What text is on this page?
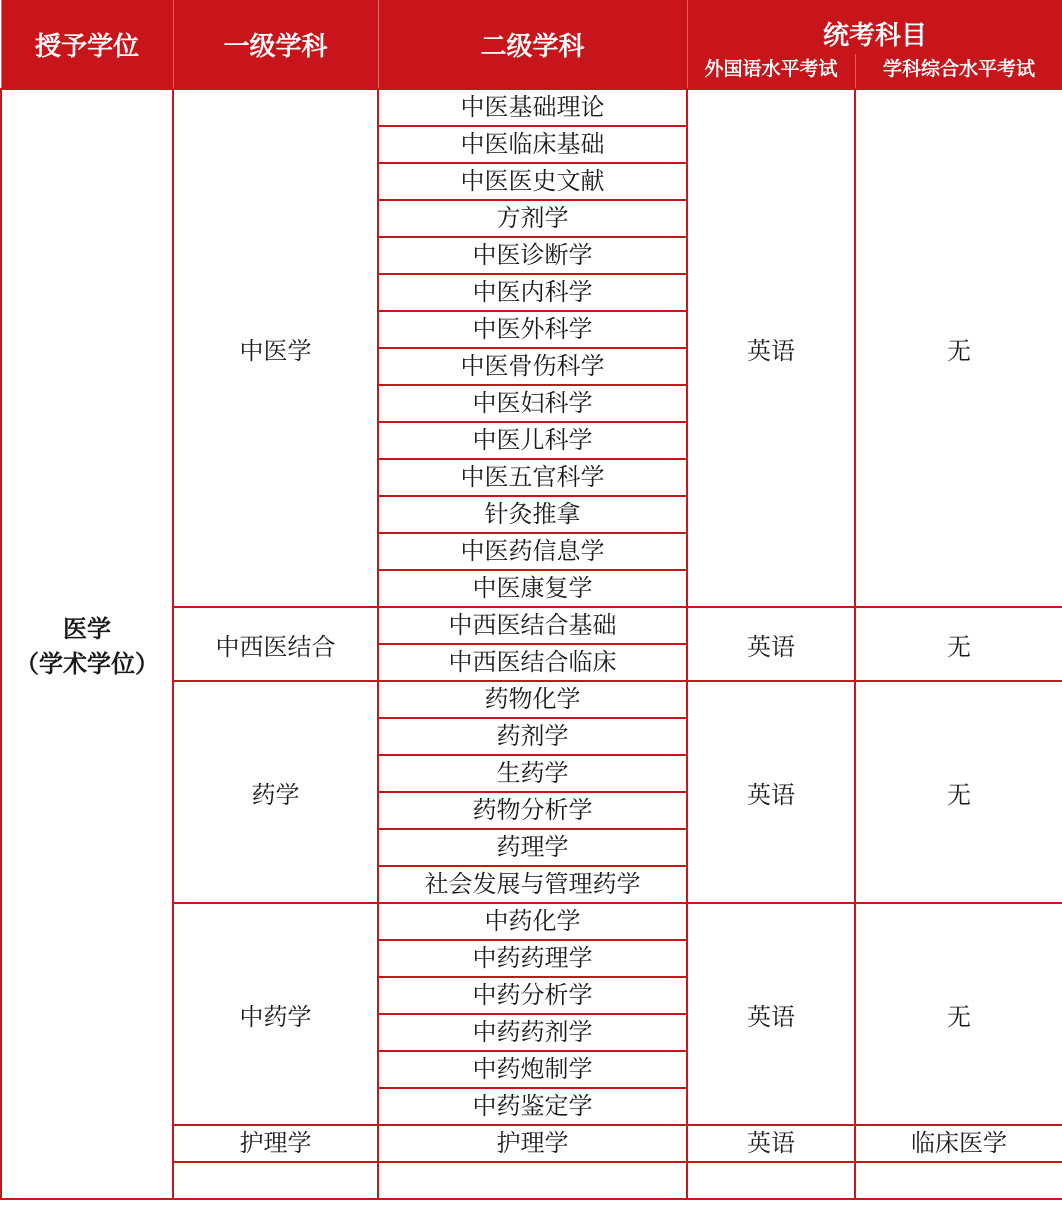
授予学位	一级学科	二级学科	统考科目	
			外国语水平考试	学科综合水平考试

医学
（学术学位）	中医学	中医基础理论	英语	无
		中医临床基础		
		中医医史文献		
		方剂学		
		中医诊断学		
		中医内科学		
		中医外科学		
		中医骨伤科学		
		中医妇科学		
		中医儿科学		
		中医五官科学		
		针灸推拿		
		中医药信息学		
		中医康复学		
	中西医结合	中西医结合基础	英语	无
		中西医结合临床		
	药学	药物化学	英语	无
		药剂学		
		生药学		
		药物分析学		
		药理学		
		社会发展与管理药学		
	中药学	中药化学	英语	无
		中药药理学		
		中药分析学		
		中药药剂学		
		中药炮制学		
		中药鉴定学		
	护理学	护理学	英语	临床医学
